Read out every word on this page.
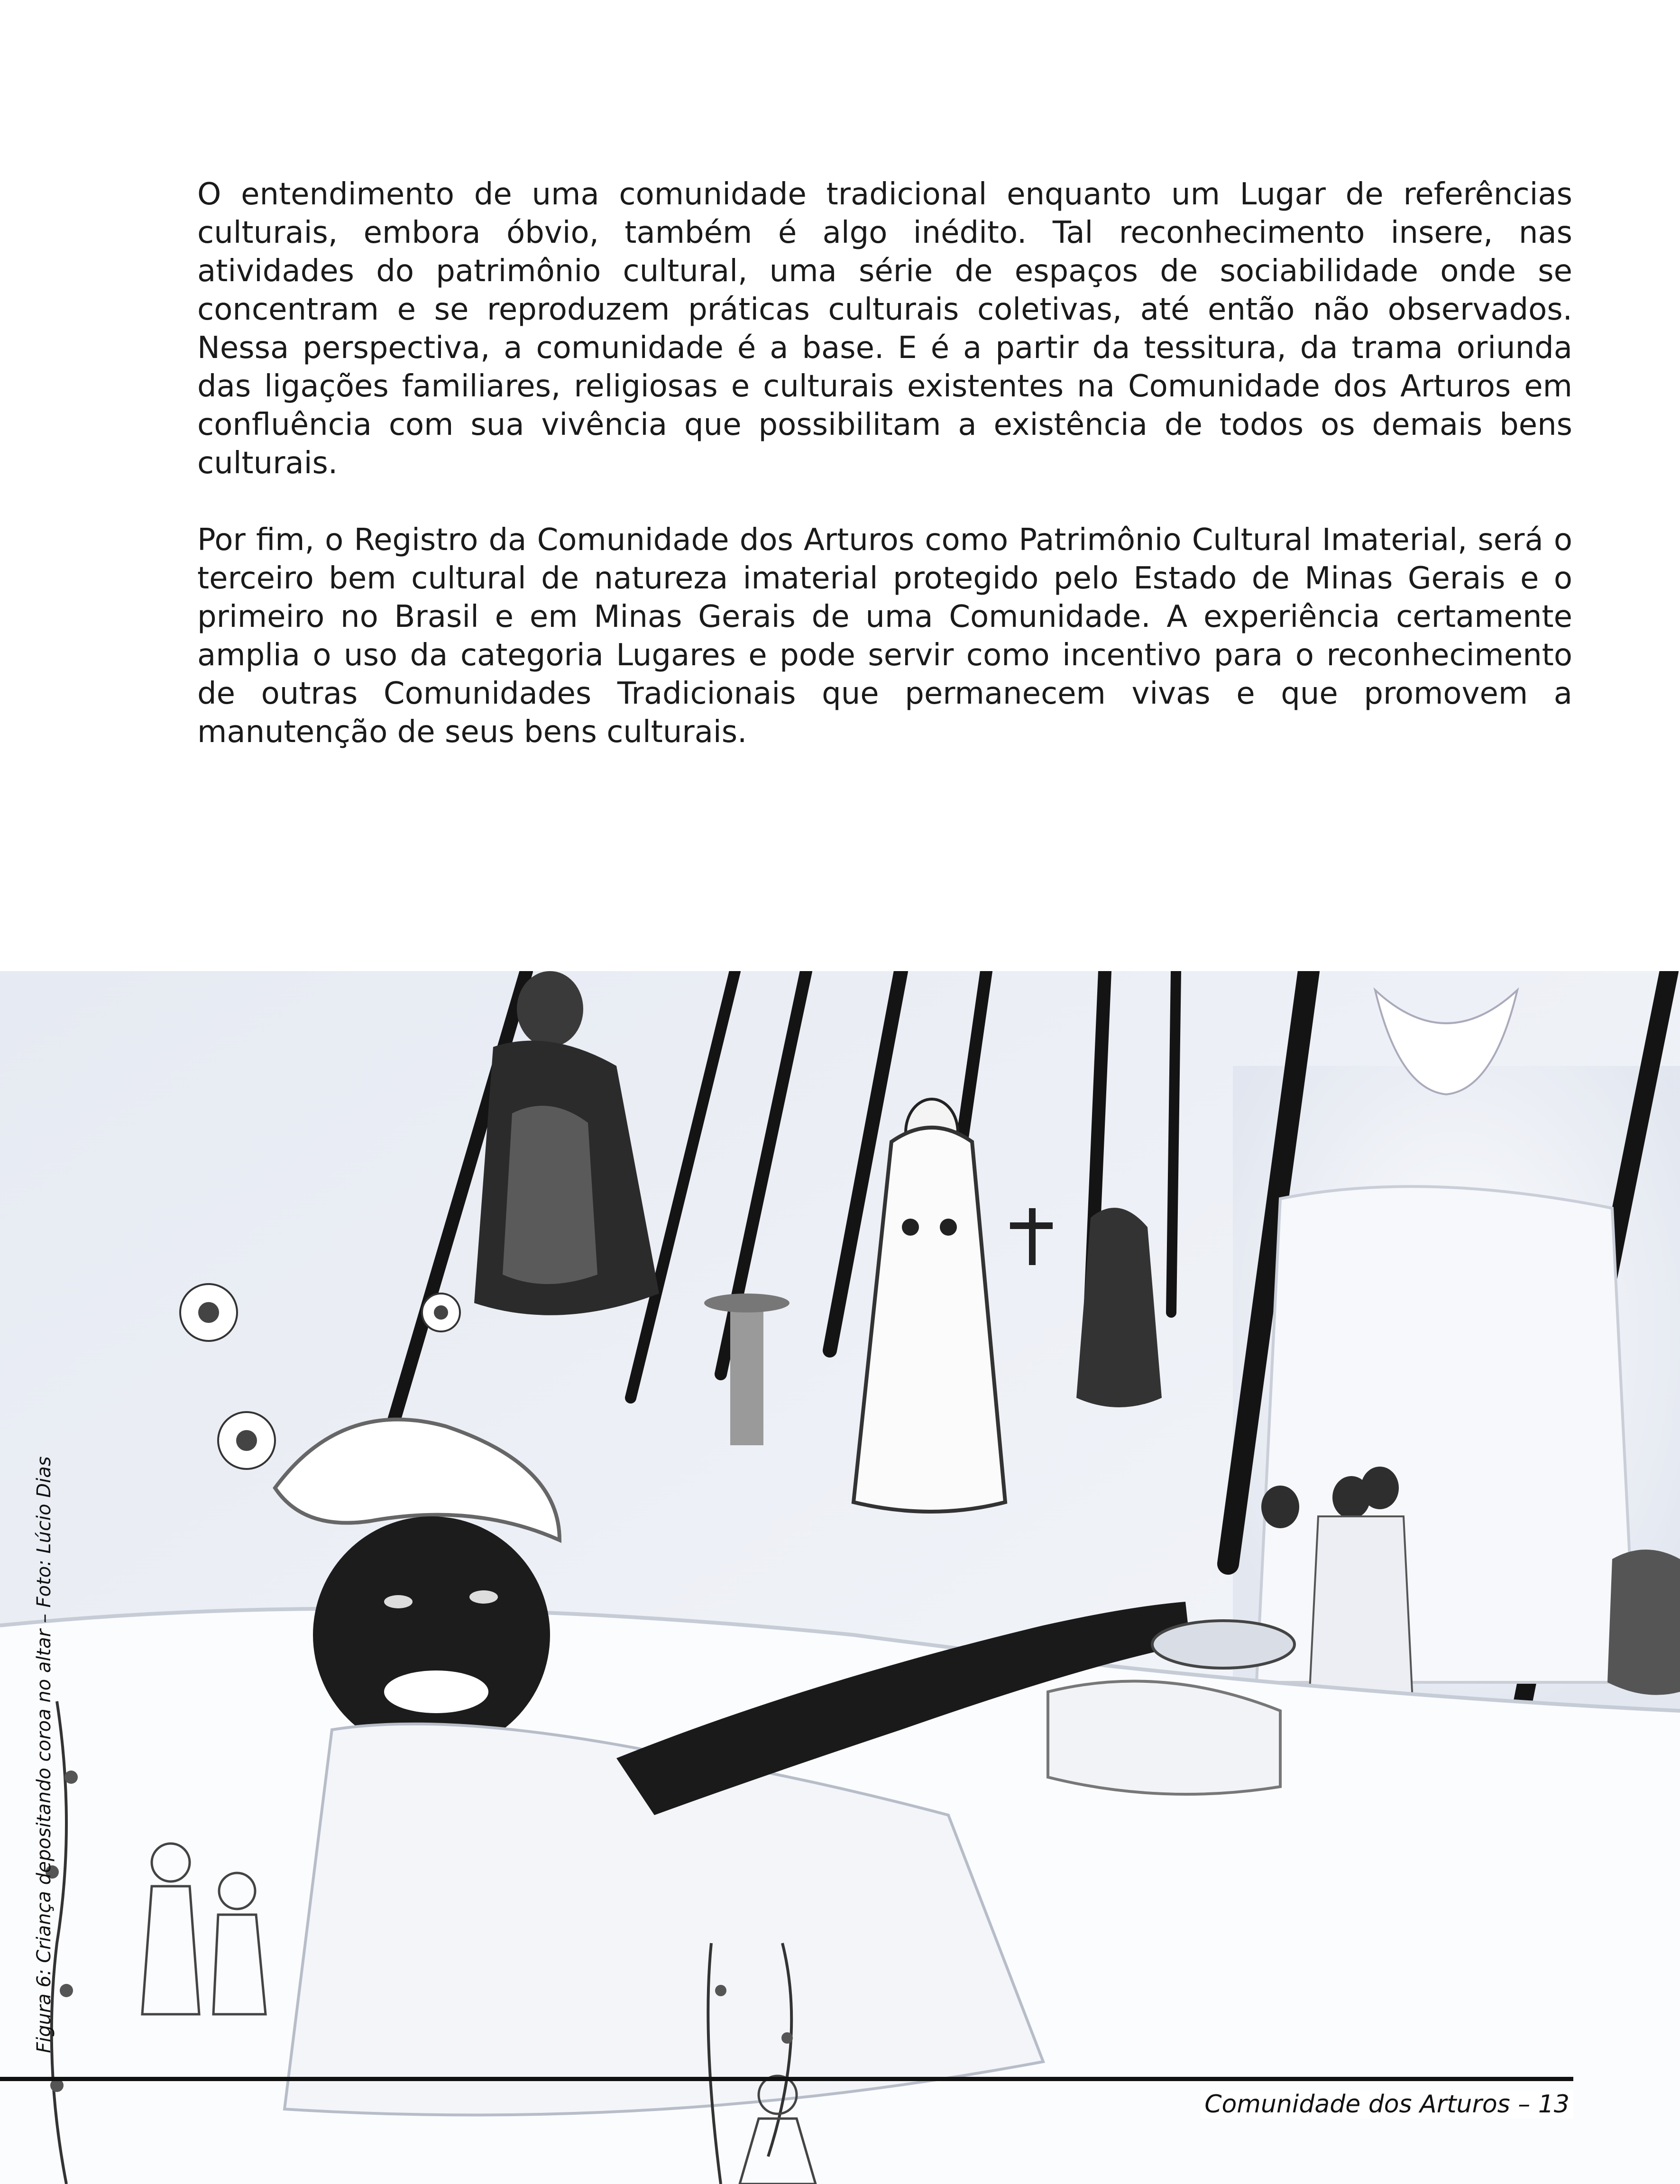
O entendimento de uma comunidade tradicional enquanto um Lugar de referências culturais, embora óbvio, também é algo inédito. Tal reconhecimento insere, nas atividades do patrimônio cultural, uma série de espaços de sociabilidade onde se concentram e se reproduzem práticas culturais coletivas, até então não observados. Nessa perspectiva, a comunidade é a base. E é a partir da tessitura, da trama oriunda das ligações familiares, religiosas e culturais existentes na Comunidade dos Arturos em confluência com sua vivência que possibilitam a existência de todos os demais bens culturais.

Por fim, o Registro da Comunidade dos Arturos como Patrimônio Cultural Imaterial, será o terceiro bem cultural de natureza imaterial protegido pelo Estado de Minas Gerais e o primeiro no Brasil e em Minas Gerais de uma Comunidade. A experiência certamente amplia o uso da categoria Lugares e pode servir como incentivo para o reconhecimento de outras Comunidades Tradicionais que permanecem vivas e que promovem a manutenção de seus bens culturais.

Figura 6: Criança depositando coroa no altar – Foto: Lúcio Dias
Comunidade dos Arturos – 13
